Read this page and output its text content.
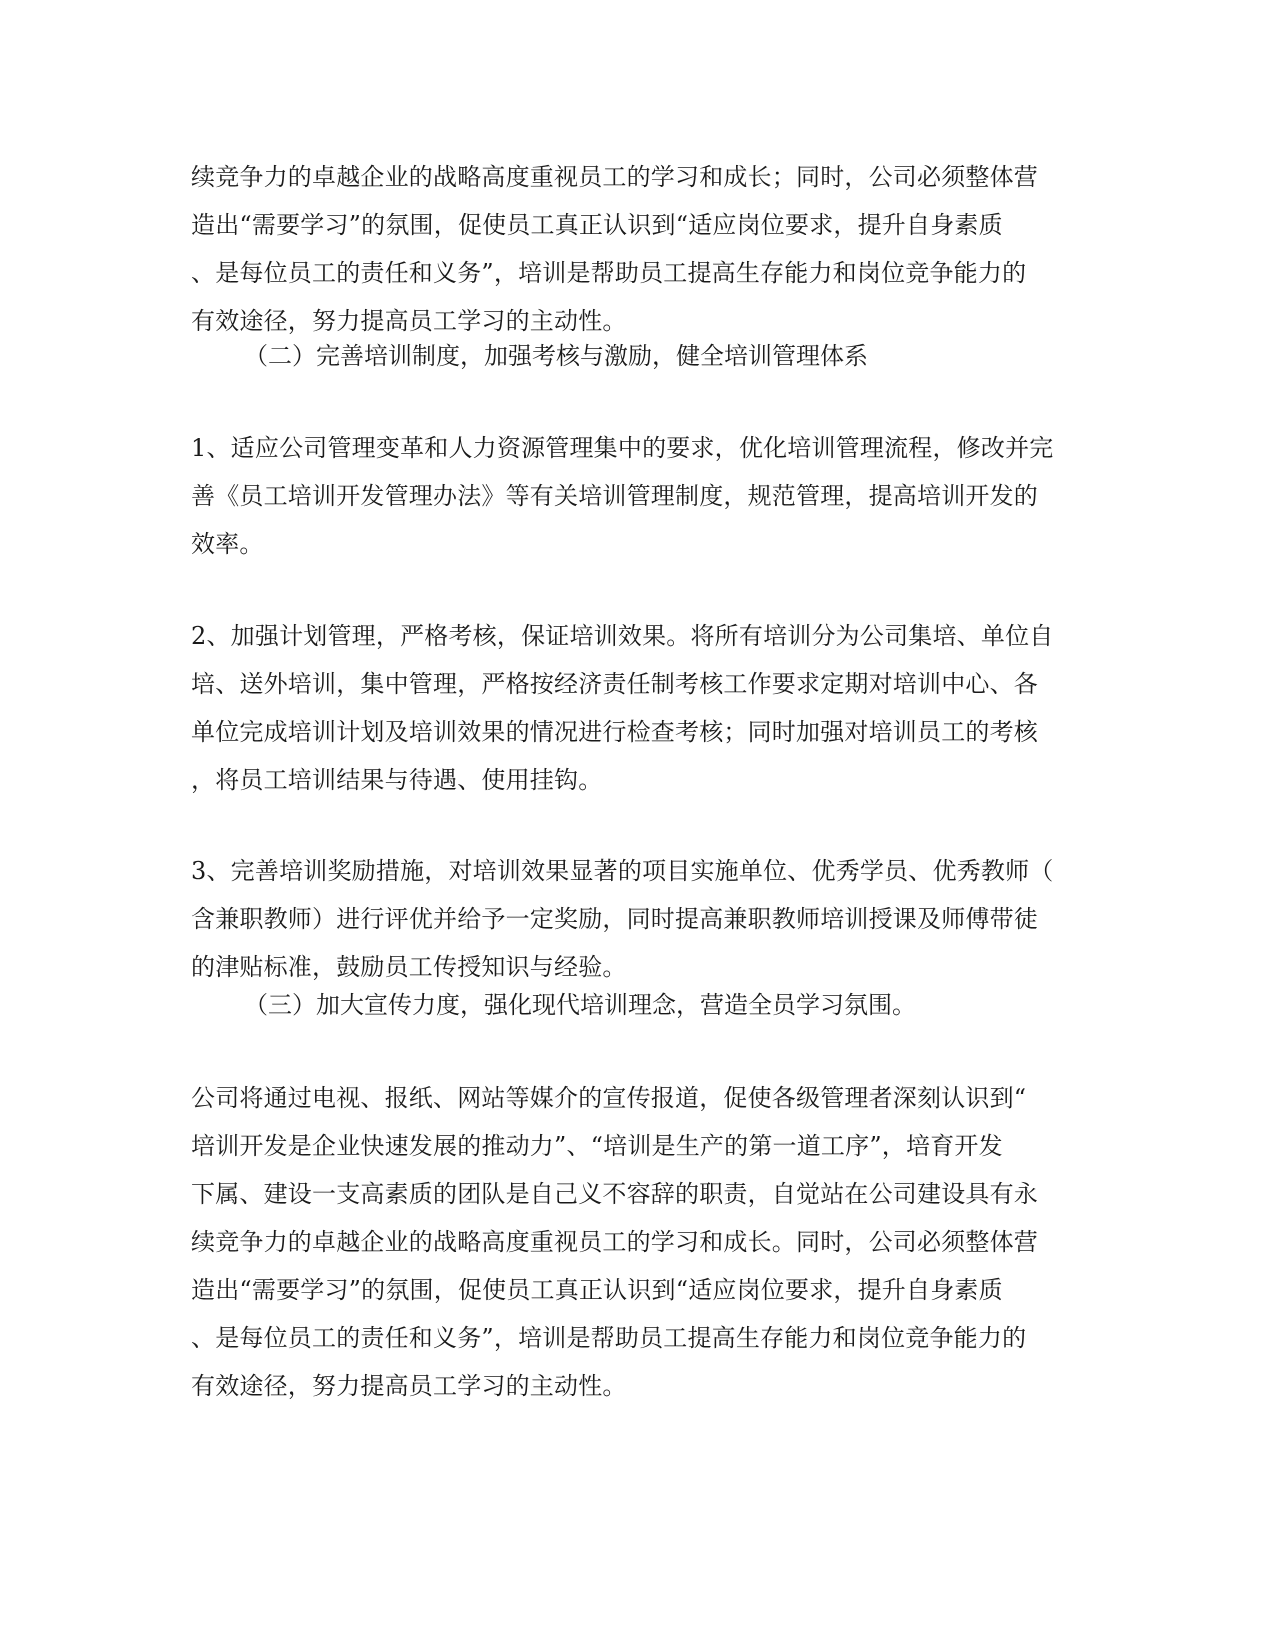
续竞争力的卓越企业的战略高度重视员工的学习和成长；同时，公司必须整体营
造出“需要学习”的氛围，促使员工真正认识到“适应岗位要求，提升自身素质
、是每位员工的责任和义务”，培训是帮助员工提高生存能力和岗位竞争能力的
有效途径，努力提高员工学习的主动性。
（二）完善培训制度，加强考核与激励，健全培训管理体系
1、适应公司管理变革和人力资源管理集中的要求，优化培训管理流程，修改并完
善《员工培训开发管理办法》等有关培训管理制度，规范管理，提高培训开发的
效率。
2、加强计划管理，严格考核，保证培训效果。将所有培训分为公司集培、单位自
培、送外培训，集中管理，严格按经济责任制考核工作要求定期对培训中心、各
单位完成培训计划及培训效果的情况进行检查考核；同时加强对培训员工的考核
，将员工培训结果与待遇、使用挂钩。
3、完善培训奖励措施，对培训效果显著的项目实施单位、优秀学员、优秀教师（
含兼职教师）进行评优并给予一定奖励，同时提高兼职教师培训授课及师傅带徒
的津贴标准，鼓励员工传授知识与经验。
（三）加大宣传力度，强化现代培训理念，营造全员学习氛围。
公司将通过电视、报纸、网站等媒介的宣传报道，促使各级管理者深刻认识到“
培训开发是企业快速发展的推动力”、“培训是生产的第一道工序”，培育开发
下属、建设一支高素质的团队是自己义不容辞的职责，自觉站在公司建设具有永
续竞争力的卓越企业的战略高度重视员工的学习和成长。同时，公司必须整体营
造出“需要学习”的氛围，促使员工真正认识到“适应岗位要求，提升自身素质
、是每位员工的责任和义务”，培训是帮助员工提高生存能力和岗位竞争能力的
有效途径，努力提高员工学习的主动性。
